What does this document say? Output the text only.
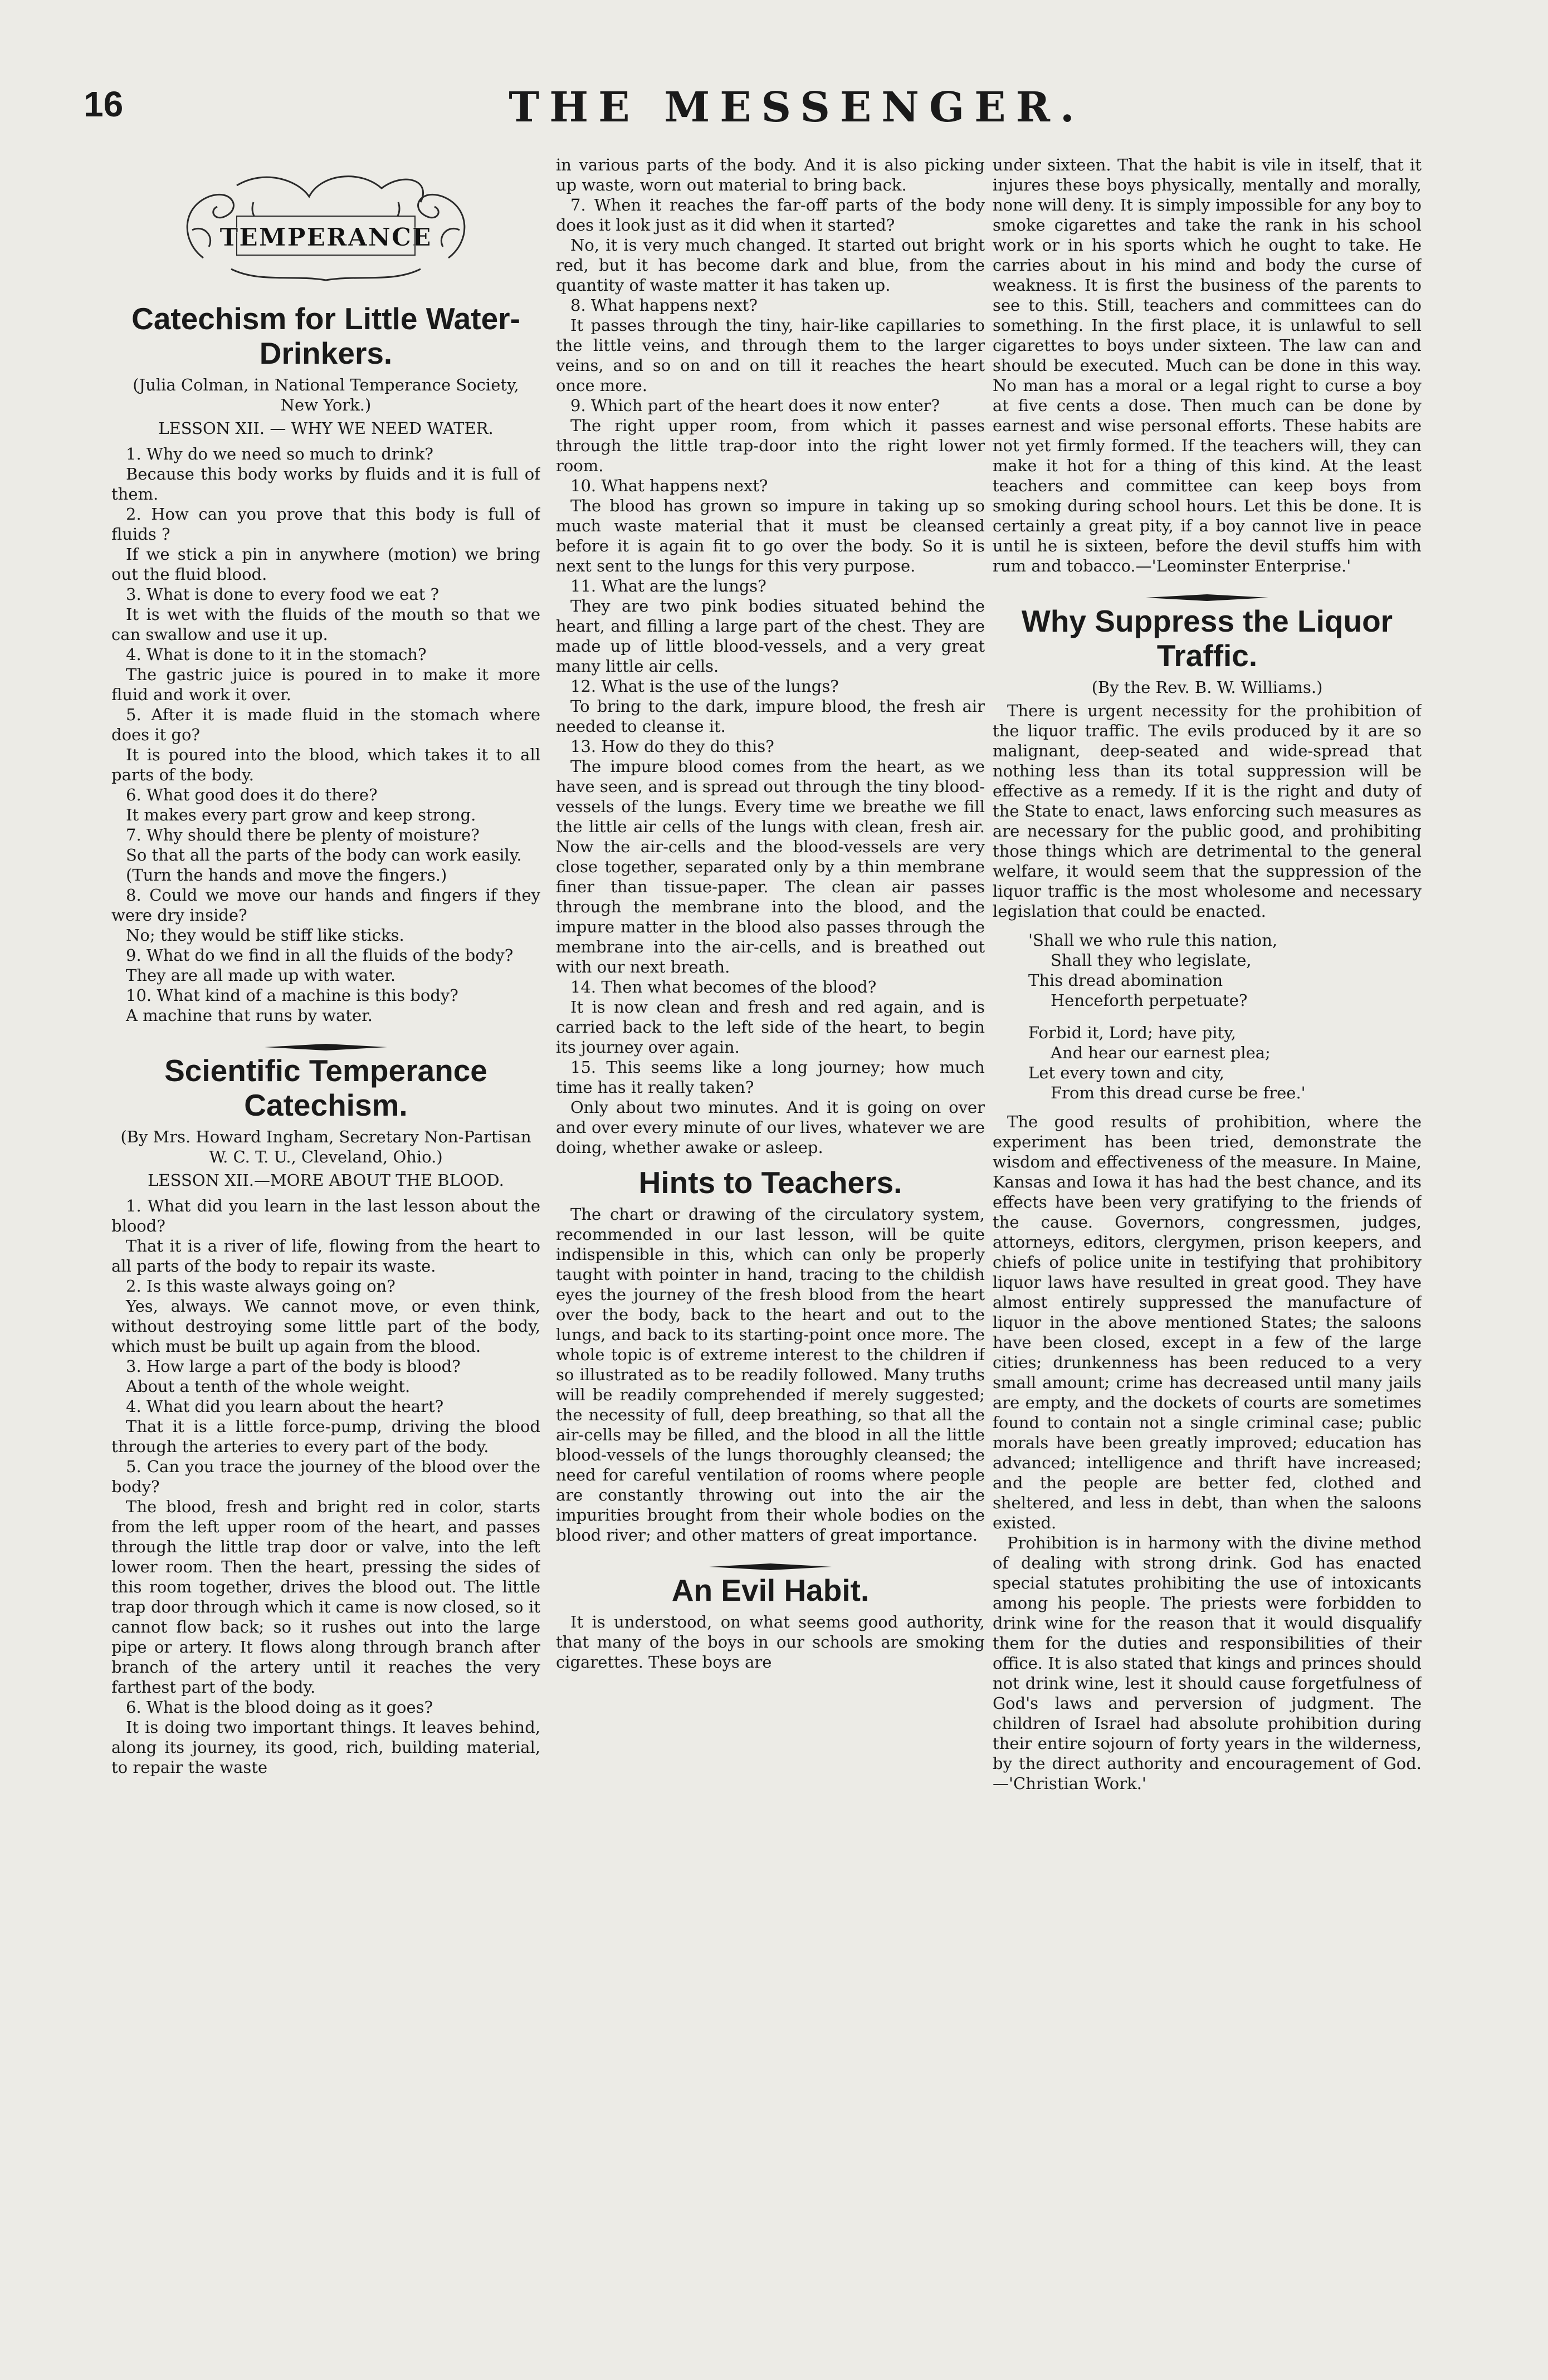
16	THE MESSENGER.
TEMPERANCE
Catechism for Little Water-Drinkers.
(Julia Colman, in National Temperance Society, New York.)
LESSON XII. — WHY WE NEED WATER.

1. Why do we need so much to drink?

Because this body works by fluids and it is full of them.

2. How can you prove that this body is full of fluids ?

If we stick a pin in anywhere (motion) we bring out the fluid blood.

3. What is done to every food we eat ?

It is wet with the fluids of the mouth so that we can swallow and use it up.

4. What is done to it in the stomach?

The gastric juice is poured in to make it more fluid and work it over.

5. After it is made fluid in the stomach where does it go?

It is poured into the blood, which takes it to all parts of the body.

6. What good does it do there?

It makes every part grow and keep strong.

7. Why should there be plenty of moisture?

So that all the parts of the body can work easily.

(Turn the hands and move the fingers.)

8. Could we move our hands and fingers if they were dry inside?

No; they would be stiff like sticks.

9. What do we find in all the fluids of the body?

They are all made up with water.

10. What kind of a machine is this body?

A machine that runs by water.

Scientific Temperance Catechism.
(By Mrs. Howard Ingham, Secretary Non-Partisan W. C. T. U., Cleveland, Ohio.)
LESSON XII.—MORE ABOUT THE BLOOD.

1. What did you learn in the last lesson about the blood?

That it is a river of life, flowing from the heart to all parts of the body to repair its waste.

2. Is this waste always going on?

Yes, always. We cannot move, or even think, without destroying some little part of the body, which must be built up again from the blood.

3. How large a part of the body is blood?

About a tenth of the whole weight.

4. What did you learn about the heart?

That it is a little force-pump, driving the blood through the arteries to every part of the body.

5. Can you trace the journey of the blood over the body?

The blood, fresh and bright red in color, starts from the left upper room of the heart, and passes through the little trap door or valve, into the left lower room. Then the heart, pressing the sides of this room together, drives the blood out. The little trap door through which it came is now closed, so it cannot flow back; so it rushes out into the large pipe or artery. It flows along through branch after branch of the artery until it reaches the very farthest part of the body.

6. What is the blood doing as it goes?

It is doing two important things. It leaves behind, along its journey, its good, rich, building material, to repair the waste

in various parts of the body. And it is also picking up waste, worn out material to bring back.

7. When it reaches the far-off parts of the body does it look just as it did when it started?

No, it is very much changed. It started out bright red, but it has become dark and blue, from the quantity of waste matter it has taken up.

8. What happens next?

It passes through the tiny, hair-like capillaries to the little veins, and through them to the larger veins, and so on and on till it reaches the heart once more.

9. Which part of the heart does it now enter?

The right upper room, from which it passes through the little trap-door into the right lower room.

10. What happens next?

The blood has grown so impure in taking up so much waste material that it must be cleansed before it is again fit to go over the body. So it is next sent to the lungs for this very purpose.

11. What are the lungs?

They are two pink bodies situated behind the heart, and filling a large part of the chest. They are made up of little blood-vessels, and a very great many little air cells.

12. What is the use of the lungs?

To bring to the dark, impure blood, the fresh air needed to cleanse it.

13. How do they do this?

The impure blood comes from the heart, as we have seen, and is spread out through the tiny blood-vessels of the lungs. Every time we breathe we fill the little air cells of the lungs with clean, fresh air. Now the air-cells and the blood-vessels are very close together, separated only by a thin membrane finer than tissue-paper. The clean air passes through the membrane into the blood, and the impure matter in the blood also passes through the membrane into the air-cells, and is breathed out with our next breath.

14. Then what becomes of the blood?

It is now clean and fresh and red again, and is carried back to the left side of the heart, to begin its journey over again.

15. This seems like a long journey; how much time has it really taken?

Only about two minutes. And it is going on over and over every minute of our lives, whatever we are doing, whether awake or asleep.

Hints to Teachers.

The chart or drawing of the circulatory system, recommended in our last lesson, will be quite indispensible in this, which can only be properly taught with pointer in hand, tracing to the childish eyes the journey of the fresh blood from the heart over the body, back to the heart and out to the lungs, and back to its starting-point once more. The whole topic is of extreme interest to the children if so illustrated as to be readily followed. Many truths will be readily comprehended if merely suggested; the necessity of full, deep breathing, so that all the air-cells may be filled, and the blood in all the little blood-vessels of the lungs thoroughly cleansed; the need for careful ventilation of rooms where people are constantly throwing out into the air the impurities brought from their whole bodies on the blood river; and other matters of great importance.

An Evil Habit.

It is understood, on what seems good authority, that many of the boys in our schools are smoking cigarettes. These boys are

under sixteen. That the habit is vile in itself, that it injures these boys physically, mentally and morally, none will deny. It is simply impossible for any boy to smoke cigarettes and take the rank in his school work or in his sports which he ought to take. He carries about in his mind and body the curse of weakness. It is first the business of the parents to see to this. Still, teachers and committees can do something. In the first place, it is unlawful to sell cigarettes to boys under sixteen. The law can and should be executed. Much can be done in this way. No man has a moral or a legal right to curse a boy at five cents a dose. Then much can be done by earnest and wise personal efforts. These habits are not yet firmly formed. If the teachers will, they can make it hot for a thing of this kind. At the least teachers and committee can keep boys from smoking during school hours. Let this be done. It is certainly a great pity, if a boy cannot live in peace until he is sixteen, before the devil stuffs him with rum and tobacco.—'Leominster Enterprise.'

Why Suppress the Liquor Traffic.
(By the Rev. B. W. Williams.)

There is urgent necessity for the prohibition of the liquor traffic. The evils produced by it are so malignant, deep-seated and wide-spread that nothing less than its total suppression will be effective as a remedy. If it is the right and duty of the State to enact, laws enforcing such measures as are necessary for the public good, and prohibiting those things which are detrimental to the general welfare, it would seem that the suppression of the liquor traffic is the most wholesome and necessary legislation that could be enacted.

'Shall we who rule this nation,

Shall they who legislate,

This dread abomination

Henceforth perpetuate?

Forbid it, Lord; have pity,

And hear our earnest plea;

Let every town and city,

From this dread curse be free.'

The good results of prohibition, where the experiment has been tried, demonstrate the wisdom and effectiveness of the measure. In Maine, Kansas and Iowa it has had the best chance, and its effects have been very gratifying to the friends of the cause. Governors, congressmen, judges, attorneys, editors, clergymen, prison keepers, and chiefs of police unite in testifying that prohibitory liquor laws have resulted in great good. They have almost entirely suppressed the manufacture of liquor in the above mentioned States; the saloons have been closed, except in a few of the large cities; drunkenness has been reduced to a very small amount; crime has decreased until many jails are empty, and the dockets of courts are sometimes found to contain not a single criminal case; public morals have been greatly improved; education has advanced; intelligence and thrift have increased; and the people are better fed, clothed and sheltered, and less in debt, than when the saloons existed.

Prohibition is in harmony with the divine method of dealing with strong drink. God has enacted special statutes prohibiting the use of intoxicants among his people. The priests were forbidden to drink wine for the reason that it would disqualify them for the duties and responsibilities of their office. It is also stated that kings and princes should not drink wine, lest it should cause forgetfulness of God's laws and perversion of judgment. The children of Israel had absolute prohibition during their entire sojourn of forty years in the wilderness, by the direct authority and encouragement of God. —'Christian Work.'
